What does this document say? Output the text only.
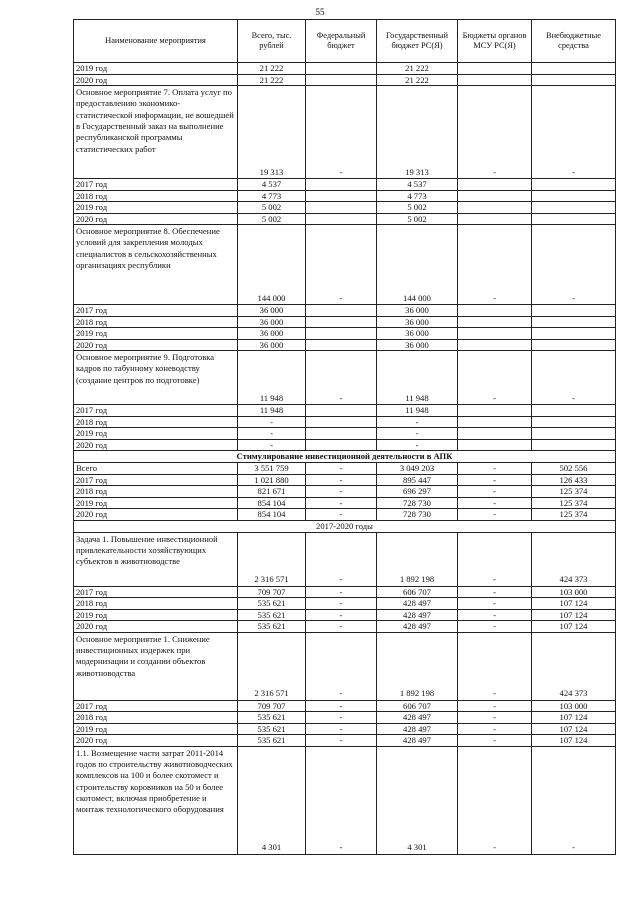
55
Наименование мероприятия	Всего, тыс. рублей	Федеральный бюджет	Государственный бюджет РС(Я)	Бюджеты органов МСУ РС(Я)	Внебюджетные средства
2019 год	21 222		21 222		
2020 год	21 222		21 222		

Основное мероприятие 7. Оплата услуг по предоставлению экономико-статистической информации, не вошедшей в Государственный заказ на выполнение республиканской программы статистических работ	19 313	-	19 313	-	-

2017 год	4 537		4 537		
2018 год	4 773		4 773		
2019 год	5 002		5 002		
2020 год	5 002		5 002		

Основное мероприятие 8. Обеспечение условий для закрепления молодых специалистов в сельскохозяйственных организациях республики	144 000	-	144 000	-	-

2017 год	36 000		36 000		
2018 год	36 000		36 000		
2019 год	36 000		36 000		
2020 год	36 000		36 000		

Основное мероприятие 9. Подготовка кадров по табунному коневодству (создание центров по подготовке)	11 948	-	11 948	-	-

2017 год	11 948		11 948		
2018 год	-		-		
2019 год	-		-		
2020 год	-		-		
Стимулирование инвестиционной деятельности в АПК					
Всего	3 551 759	-	3 049 203	-	502 556
2017 год	1 021 880	-	895 447	-	126 433
2018 год	821 671	-	696 297	-	125 374
2019 год	854 104	-	728 730	-	125 374
2020 год	854 104	-	728 730	-	125 374
2017-2020 годы					

Задача 1. Повышение инвестиционной привлекательности хозяйствующих субъектов в животноводстве	2 316 571	-	1 892 198	-	424 373

2017 год	709 707	-	606 707	-	103 000
2018 год	535 621	-	428 497	-	107 124
2019 год	535 621	-	428 497	-	107 124
2020 год	535 621	-	428 497	-	107 124

Основное мероприятие 1. Снижение инвестиционных издержек при модернизации и создании объектов животноводства	2 316 571	-	1 892 198	-	424 373

2017 год	709 707	-	606 707	-	103 000
2018 год	535 621	-	428 497	-	107 124
2019 год	535 621	-	428 497	-	107 124
2020 год	535 621	-	428 497	-	107 124

1.1. Возмещение части затрат 2011-2014 годов по строительству животноводческих комплексов на 100 и более скотомест и строительству коровников на 50 и более скотомест, включая приобретение и монтаж технологического оборудования	4 301	-	4 301	-	-
